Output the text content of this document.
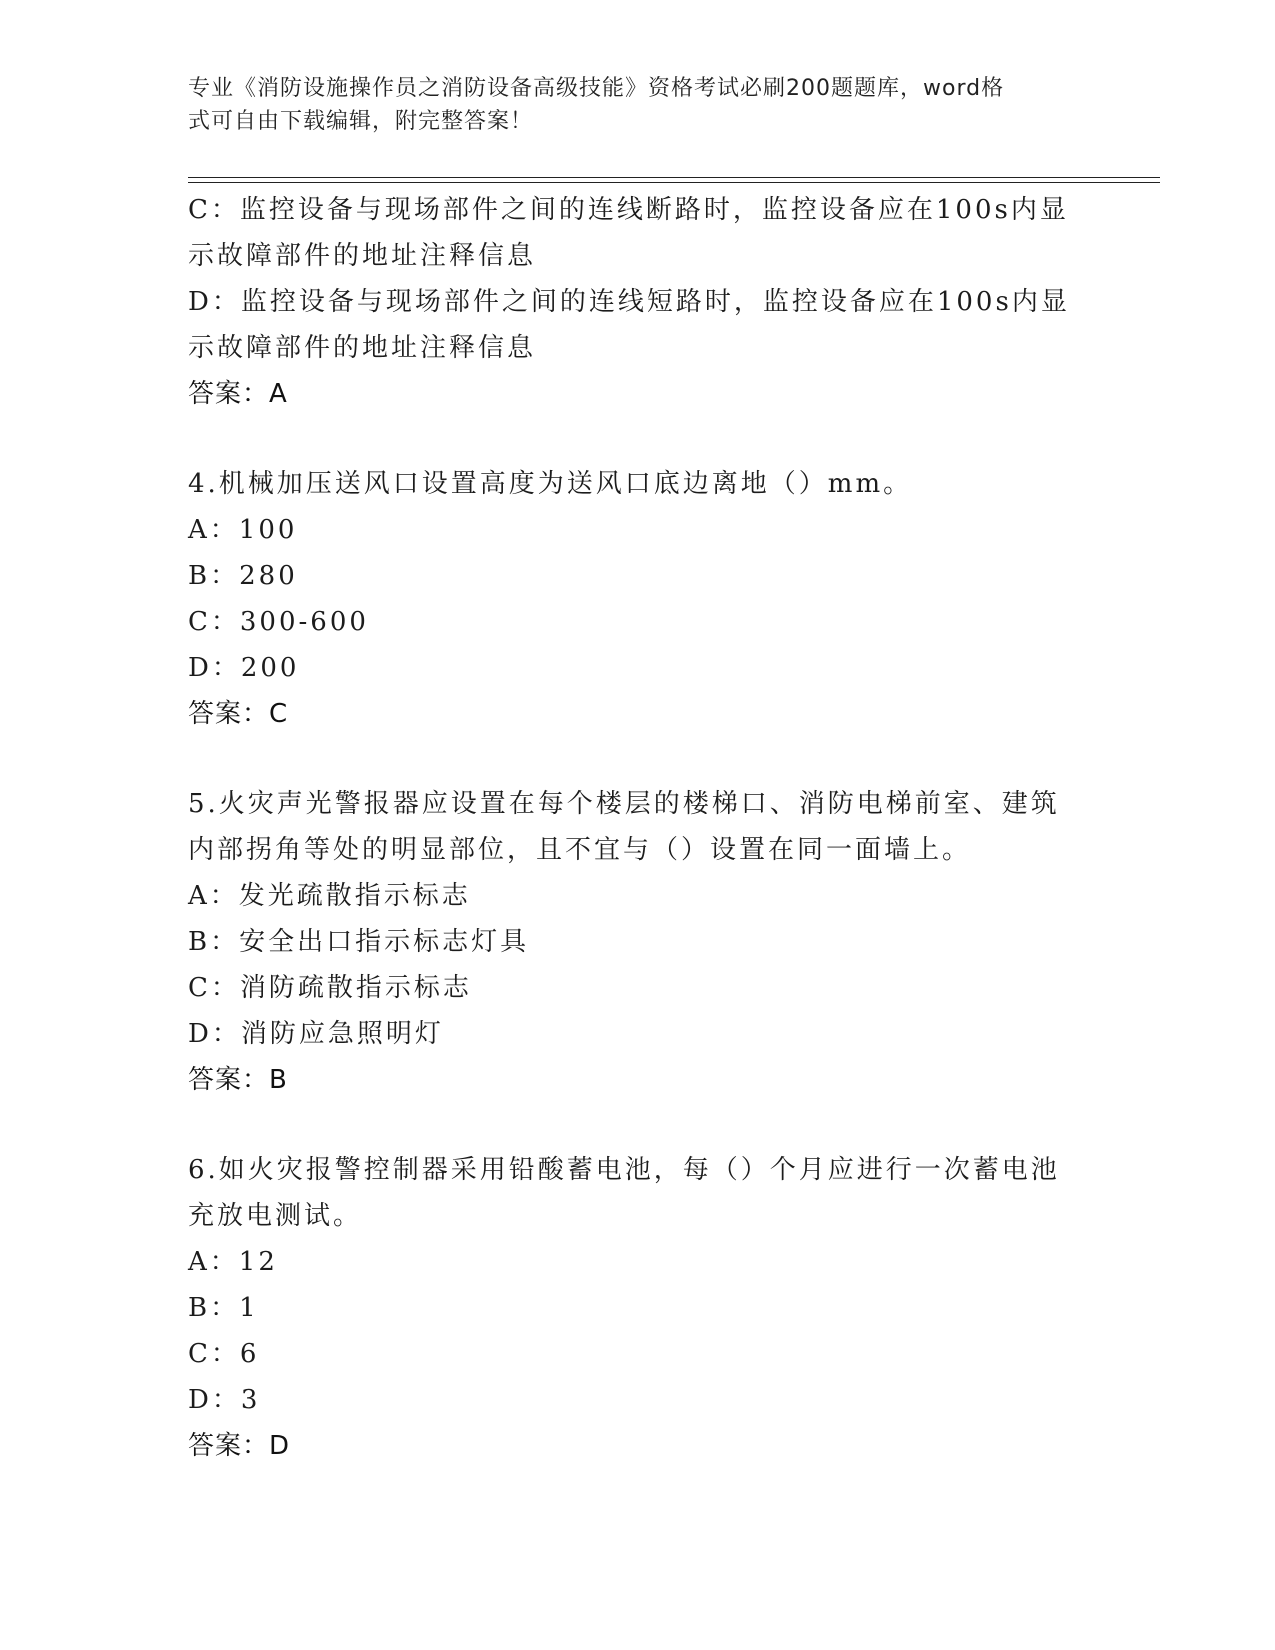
专业《消防设施操作员之消防设备高级技能》资格考试必刷200题题库，word格
式可自由下载编辑，附完整答案！
C：监控设备与现场部件之间的连线断路时，监控设备应在100s内显
示故障部件的地址注释信息
D：监控设备与现场部件之间的连线短路时，监控设备应在100s内显
示故障部件的地址注释信息
答案：A
4.机械加压送风口设置高度为送风口底边离地（）mm。
A：100
B：280
C：300-600
D：200
答案：C
5.火灾声光警报器应设置在每个楼层的楼梯口、消防电梯前室、建筑
内部拐角等处的明显部位，且不宜与（）设置在同一面墙上。
A：发光疏散指示标志
B：安全出口指示标志灯具
C：消防疏散指示标志
D：消防应急照明灯
答案：B
6.如火灾报警控制器采用铅酸蓄电池，每（）个月应进行一次蓄电池
充放电测试。
A：12
B：1
C：6
D：3
答案：D
